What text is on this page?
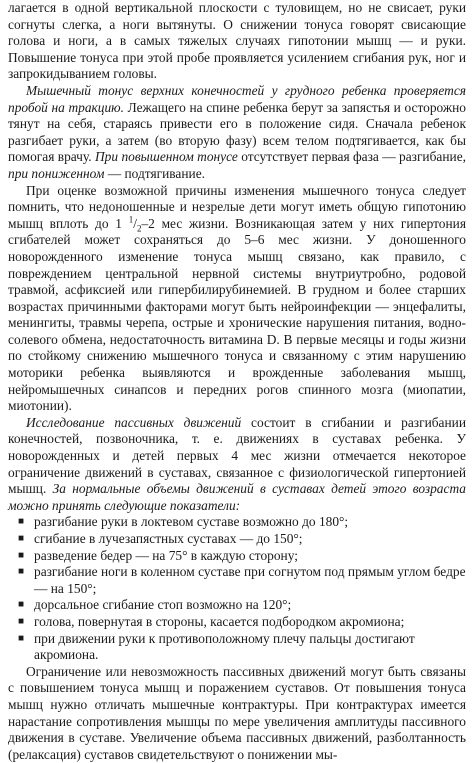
лагается в одной вертикальной плоскости с туловищем, но не свисает, руки согнуты слегка, а ноги вытянуты. О снижении тонуса говорят свисающие голова и ноги, а в самых тяжелых случаях гипотонии мышц — и руки. Повышение тонуса при этой пробе проявляется усилением сгибания рук, ног и запрокидыванием головы.

Мышечный тонус верхних конечностей у грудного ребенка проверяется пробой на тракцию. Лежащего на спине ребенка берут за запястья и осторожно тянут на себя, стараясь привести его в положение сидя. Сначала ребенок разгибает руки, а затем (во вторую фазу) всем телом подтягивается, как бы помогая врачу. При повышенном тонусе отсутствует первая фаза — разгибание, при пониженном — подтягивание.

При оценке возможной причины изменения мышечного тонуса следует помнить, что недоношенные и незрелые дети могут иметь общую гипотонию мышц вплоть до 1 $^1/_2-2$ мес жизни. Возникающая затем у них гипертония сгибателей может сохраняться до 5–6 мес жизни. У доношенного новорожденного изменение тонуса мышц связано, как правило, с повреждением центральной нервной системы внутриутробно, родовой травмой, асфиксией или гипербилирубинемией. В грудном и более старших возрастах причинными факторами могут быть нейроинфекции — энцефалиты, менингиты, травмы черепа, острые и хронические нарушения питания, водно-солевого обмена, недостаточность витамина D. В первые месяцы и годы жизни по стойкому снижению мышечного тонуса и связанному с этим нарушению моторики ребенка выявляются и врожденные заболевания мышц, нейромышечных синапсов и передних рогов спинного мозга (миопатии, миотонии).

Исследование пассивных движений состоит в сгибании и разгибании конечностей, позвоночника, т. е. движениях в суставах ребенка. У новорожденных и детей первых 4 мес жизни отмечается некоторое ограничение движений в суставах, связанное с физиологической гипертонией мышц. За нормальные объемы движений в суставах детей этого возраста можно принять следующие показатели:

■ разгибание руки в локтевом суставе возможно до 180°;
■ сгибание в лучезапястных суставах — до 150°;
■ разведение бедер — на 75° в каждую сторону;
■ разгибание ноги в коленном суставе при согнутом под прямым углом бедре — на 150°;
■ дорсальное сгибание стоп возможно на 120°;
■ голова, повернутая в стороны, касается подбородком акромиона;
■ при движении руки к противоположному плечу пальцы достигают акромиона.

Ограничение или невозможность пассивных движений могут быть связаны с повышением тонуса мышц и поражением суставов. От повышения тонуса мышц нужно отличать мышечные контрактуры. При контрактурах имеется нарастание сопротивления мышцы по мере увеличения амплитуды пассивного движения в суставе. Увеличение объема пассивных движений, разболтанность (релаксация) суставов свидетельствуют о понижении мы-
